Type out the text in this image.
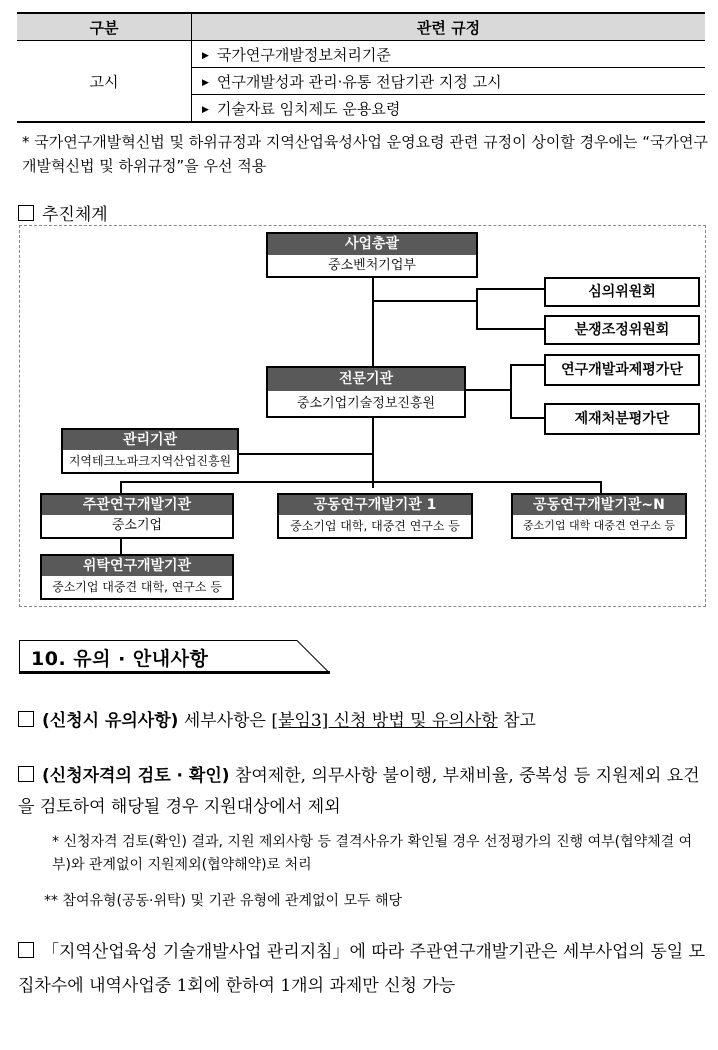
구분	관련 규정
고시	▶ 국가연구개발정보처리기준
	▶ 연구개발성과 관리·유통 전담기관 지정 고시
	▶ 기술자료 임치제도 운용요령
* 국가연구개발혁신법 및 하위규정과 지역산업육성사업 운영요령 관련 규정이 상이할 경우에는 “국가연구개발혁신법 및 하위규정”을 우선 적용
추진체계
사업총괄
중소벤처기업부
심의위원회
분쟁조정위원회
전문기관
중소기업기술정보진흥원
연구개발과제평가단
제재처분평가단
관리기관
지역테크노파크지역산업진흥원
주관연구개발기관
중소기업
공동연구개발기관 1
중소기업 대학, 대중견 연구소 등
공동연구개발기관~N
중소기업 대학 대중견 연구소 등
위탁연구개발기관
중소기업 대중견 대학, 연구소 등
10. 유의 · 안내사항
(신청시 유의사항) 세부사항은 [붙임3] 신청 방법 및 유의사항 참고
(신청자격의 검토 · 확인) 참여제한, 의무사항 불이행, 부채비율, 중복성 등 지원제외 요건을 검토하여 해당될 경우 지원대상에서 제외
* 신청자격 검토(확인) 결과, 지원 제외사항 등 결격사유가 확인될 경우 선정평가의 진행 여부(협약체결 여부)와 관계없이 지원제외(협약해약)로 처리
** 참여유형(공동·위탁) 및 기관 유형에 관계없이 모두 해당
「지역산업육성 기술개발사업 관리지침」에 따라 주관연구개발기관은 세부사업의 동일 모집차수에 내역사업중 1회에 한하여 1개의 과제만 신청 가능
